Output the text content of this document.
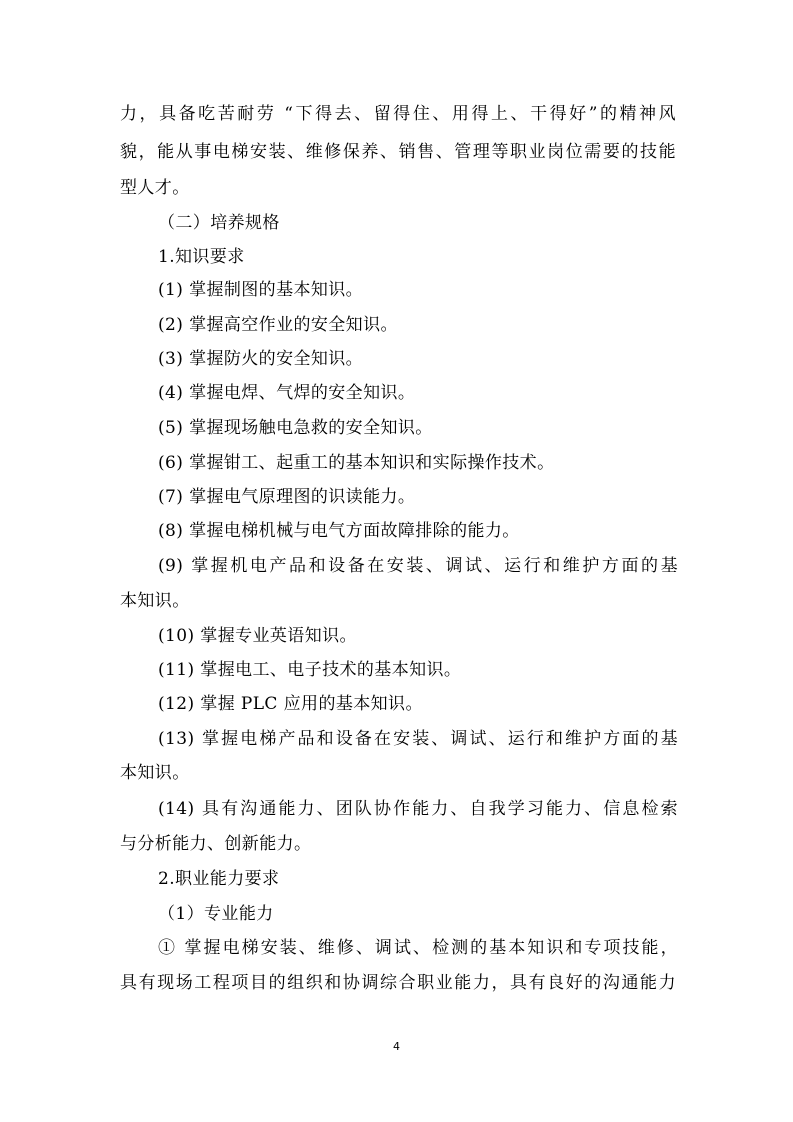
力，具备吃苦耐劳 “下得去、留得住、用得上、干得好”的精神风
貌，能从事电梯安装、维修保养、销售、管理等职业岗位需要的技能
型人才。
（二）培养规格
1.知识要求
(1) 掌握制图的基本知识。
(2) 掌握高空作业的安全知识。
(3) 掌握防火的安全知识。
(4) 掌握电焊、气焊的安全知识。
(5) 掌握现场触电急救的安全知识。
(6) 掌握钳工、起重工的基本知识和实际操作技术。
(7) 掌握电气原理图的识读能力。
(8) 掌握电梯机械与电气方面故障排除的能力。
(9) 掌握机电产品和设备在安装、调试、运行和维护方面的基
本知识。
(10) 掌握专业英语知识。
(11) 掌握电工、电子技术的基本知识。
(12) 掌握 PLC 应用的基本知识。
(13) 掌握电梯产品和设备在安装、调试、运行和维护方面的基
本知识。
(14) 具有沟通能力、团队协作能力、自我学习能力、信息检索
与分析能力、创新能力。
2.职业能力要求
（1）专业能力
① 掌握电梯安装、维修、调试、检测的基本知识和专项技能，
具有现场工程项目的组织和协调综合职业能力，具有良好的沟通能力
4
